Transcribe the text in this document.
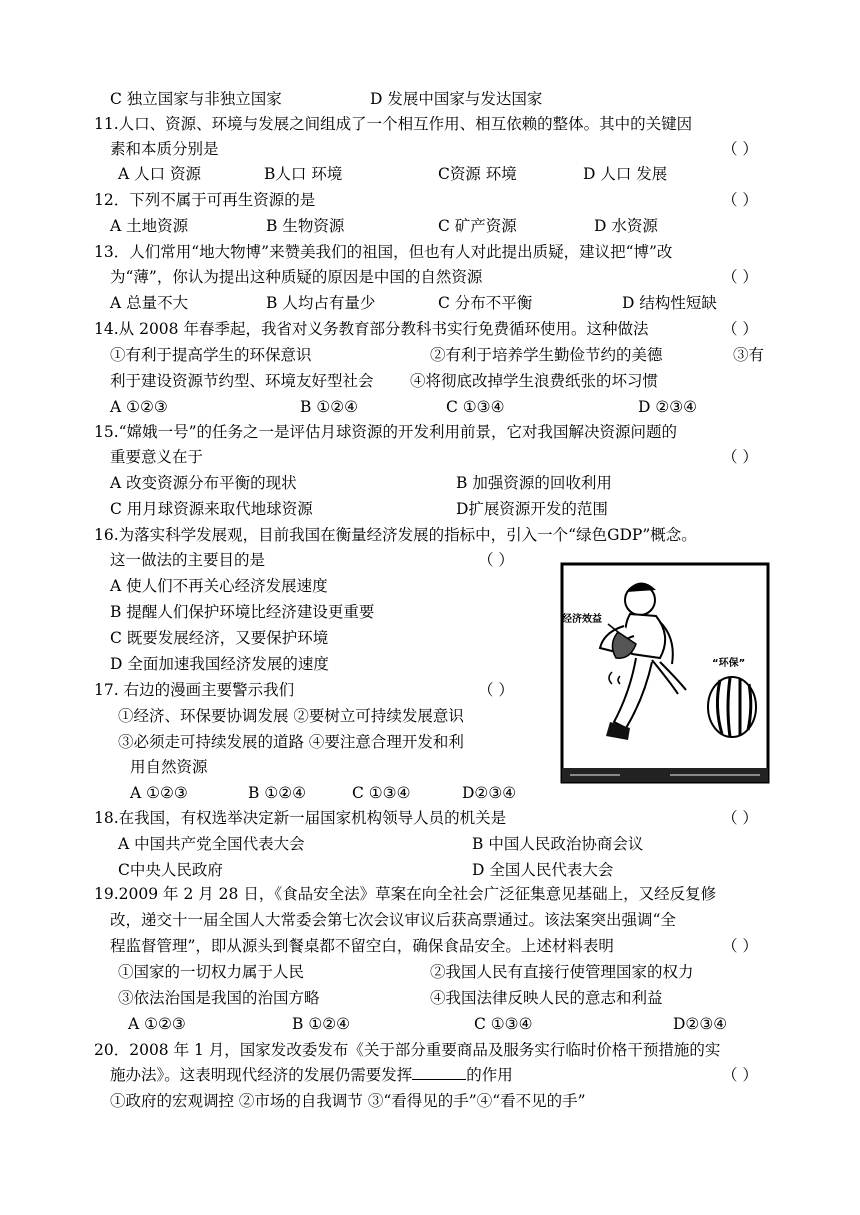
C 独立国家与非独立国家	D 发展中国家与发达国家
11.人口、资源、环境与发展之间组成了一个相互作用、相互依赖的整体。其中的关键因
素和本质分别是	（ ）
A 人口 资源	B人口 环境	C资源 环境	D 人口 发展
12．下列不属于可再生资源的是	（ ）
A 土地资源	B 生物资源	C 矿产资源	D 水资源
13．人们常用“地大物博”来赞美我们的祖国，但也有人对此提出质疑，建议把“博”改
为“薄”，你认为提出这种质疑的原因是中国的自然资源	（ ）
A 总量不大	B 人均占有量少	C 分布不平衡	D 结构性短缺
14.从 2008 年春季起，我省对义务教育部分教科书实行免费循环使用。这种做法	（ ）
①有利于提高学生的环保意识	②有利于培养学生勤俭节约的美德	③有
利于建设资源节约型、环境友好型社会 ④将彻底改掉学生浪费纸张的坏习惯
A ①②③	B ①②④	C ①③④	D ②③④
15.“嫦娥一号”的任务之一是评估月球资源的开发利用前景，它对我国解决资源问题的
重要意义在于	（ ）
A 改变资源分布平衡的现状	B 加强资源的回收利用
C 用月球资源来取代地球资源	D扩展资源开发的范围
16.为落实科学发展观，目前我国在衡量经济发展的指标中，引入一个“绿色GDP”概念。
这一做法的主要目的是	（ ）
A 使人们不再关心经济发展速度
B 提醒人们保护环境比经济建设更重要
C 既要发展经济，又要保护环境
D 全面加速我国经济发展的速度
17. 右边的漫画主要警示我们	（ ）
①经济、环保要协调发展 ②要树立可持续发展意识
③必须走可持续发展的道路 ④要注意合理开发和利
用自然资源
A ①②③	B ①②④	C ①③④	D②③④
经济效益
“环保”
18.在我国，有权选举决定新一届国家机构领导人员的机关是	（ ）
A 中国共产党全国代表大会	B 中国人民政治协商会议
C中央人民政府	D 全国人民代表大会
19.2009 年 2 月 28 日，《食品安全法》草案在向全社会广泛征集意见基础上，又经反复修
改，递交十一届全国人大常委会第七次会议审议后获高票通过。该法案突出强调“全
程监督管理”，即从源头到餐桌都不留空白，确保食品安全。上述材料表明	（ ）
①国家的一切权力属于人民	②我国人民有直接行使管理国家的权力
③依法治国是我国的治国方略	④我国法律反映人民的意志和利益
A ①②③	B ①②④	C ①③④	D②③④
20．2008 年 1 月，国家发改委发布《关于部分重要商品及服务实行临时价格干预措施的实
施办法》。这表明现代经济的发展仍需要发挥	的作用	（ ）
①政府的宏观调控 ②市场的自我调节 ③“看得见的手”④“看不见的手”
